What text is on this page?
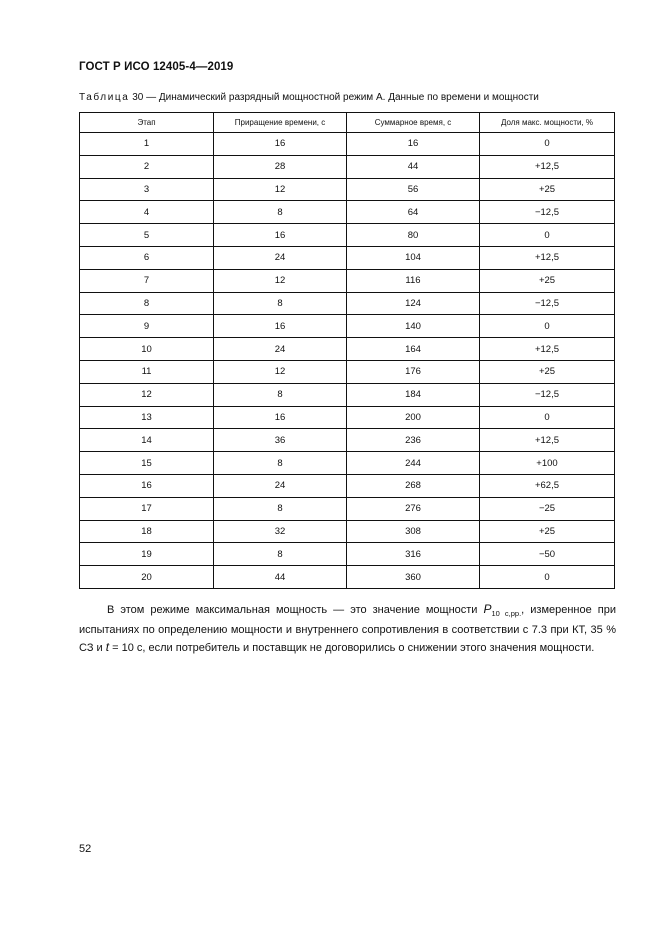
ГОСТ Р ИСО 12405-4—2019
Таблица 30 — Динамический разрядный мощностной режим А. Данные по времени и мощности
Этап	Приращение времени, с	Суммарное время, с	Доля макс. мощности, %
1	16	16	0
2	28	44	+12,5
3	12	56	+25
4	8	64	−12,5
5	16	80	0
6	24	104	+12,5
7	12	116	+25
8	8	124	−12,5
9	16	140	0
10	24	164	+12,5
11	12	176	+25
12	8	184	−12,5
13	16	200	0
14	36	236	+12,5
15	8	244	+100
16	24	268	+62,5
17	8	276	−25
18	32	308	+25
19	8	316	−50
20	44	360	0

В этом режиме максимальная мощность — это значение мощности $P_{10 с,рр.}$, измеренное при испытаниях по определению мощности и внутреннего сопротивления в соответствии с 7.3 при КТ, 35 % СЗ и t = 10 с, если потребитель и поставщик не договорились о снижении этого значения мощности.

52
